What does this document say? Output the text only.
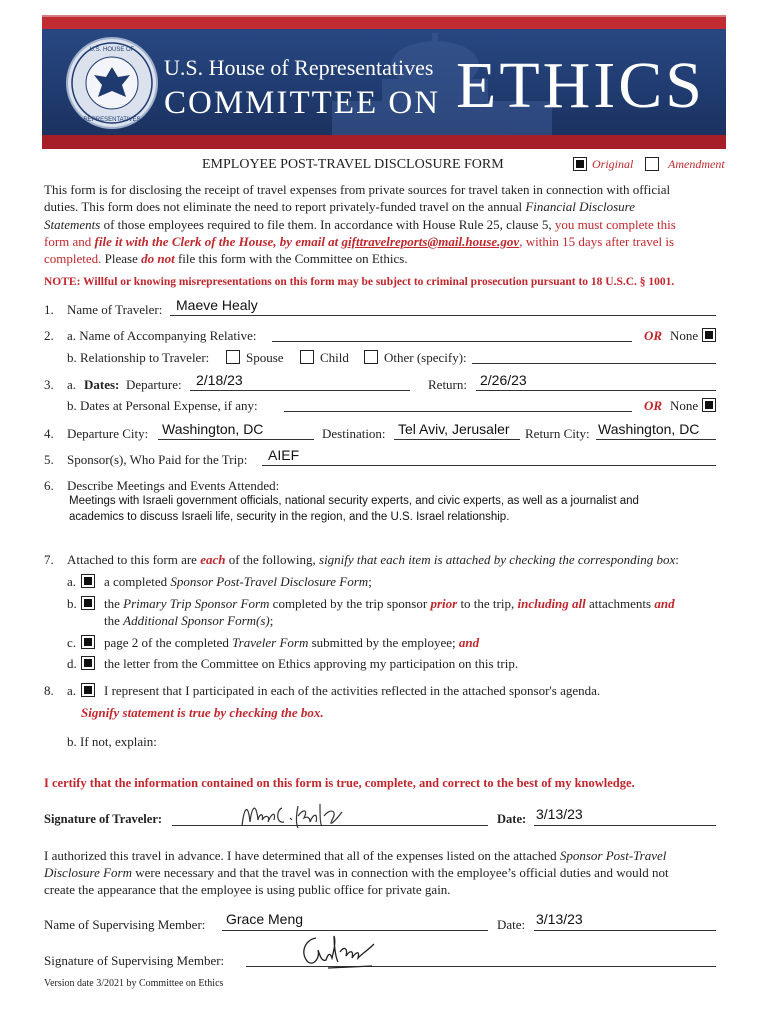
U.S. HOUSE OF
REPRESENTATIVES
U.S. House of Representatives
COMMITTEE ON ETHICS
EMPLOYEE POST-TRAVEL DISCLOSURE FORM	Original	Amendment
This form is for disclosing the receipt of travel expenses from private sources for travel taken in connection with official
duties. This form does not eliminate the need to report privately-funded travel on the annual Financial Disclosure
Statements of those employees required to file them. In accordance with House Rule 25, clause 5, you must complete this
form and file it with the Clerk of the House, by email at gifttravelreports@mail.house.gov, within 15 days after travel is
completed. Please do not file this form with the Committee on Ethics.
NOTE: Willful or knowing misrepresentations on this form may be subject to criminal prosecution pursuant to 18 U.S.C. § 1001.
1. Name of Traveler: Maeve Healy
2. a. Name of Accompanying Relative:	OR None
b. Relationship to Traveler:	Spouse	Child	Other (specify):
3. a. Dates: Departure: 2/18/23	Return: 2/26/23
b. Dates at Personal Expense, if any:	OR None
4. Departure City: Washington, DC	Destination: Tel Aviv, Jerusaler Return City: Washington, DC
5. Sponsor(s), Who Paid for the Trip: AIEF
6. Describe Meetings and Events Attended:
Meetings with Israeli government officials, national security experts, and civic experts, as well as a journalist and
academics to discuss Israeli life, security in the region, and the U.S. Israel relationship.
7. Attached to this form are each of the following, signify that each item is attached by checking the corresponding box:
a. a completed Sponsor Post-Travel Disclosure Form;
b. the Primary Trip Sponsor Form completed by the trip sponsor prior to the trip, including all attachments and
the Additional Sponsor Form(s);
c. page 2 of the completed Traveler Form submitted by the employee; and
d. the letter from the Committee on Ethics approving my participation on this trip.
8. a. I represent that I participated in each of the activities reflected in the attached sponsor's agenda.
Signify statement is true by checking the box.
b. If not, explain:
I certify that the information contained on this form is true, complete, and correct to the best of my knowledge.
Signature of Traveler:	Date: 3/13/23
I authorized this travel in advance. I have determined that all of the expenses listed on the attached Sponsor Post-Travel
Disclosure Form were necessary and that the travel was in connection with the employee’s official duties and would not
create the appearance that the employee is using public office for private gain.
Name of Supervising Member: Grace Meng	Date: 3/13/23
Signature of Supervising Member:
Version date 3/2021 by Committee on Ethics
